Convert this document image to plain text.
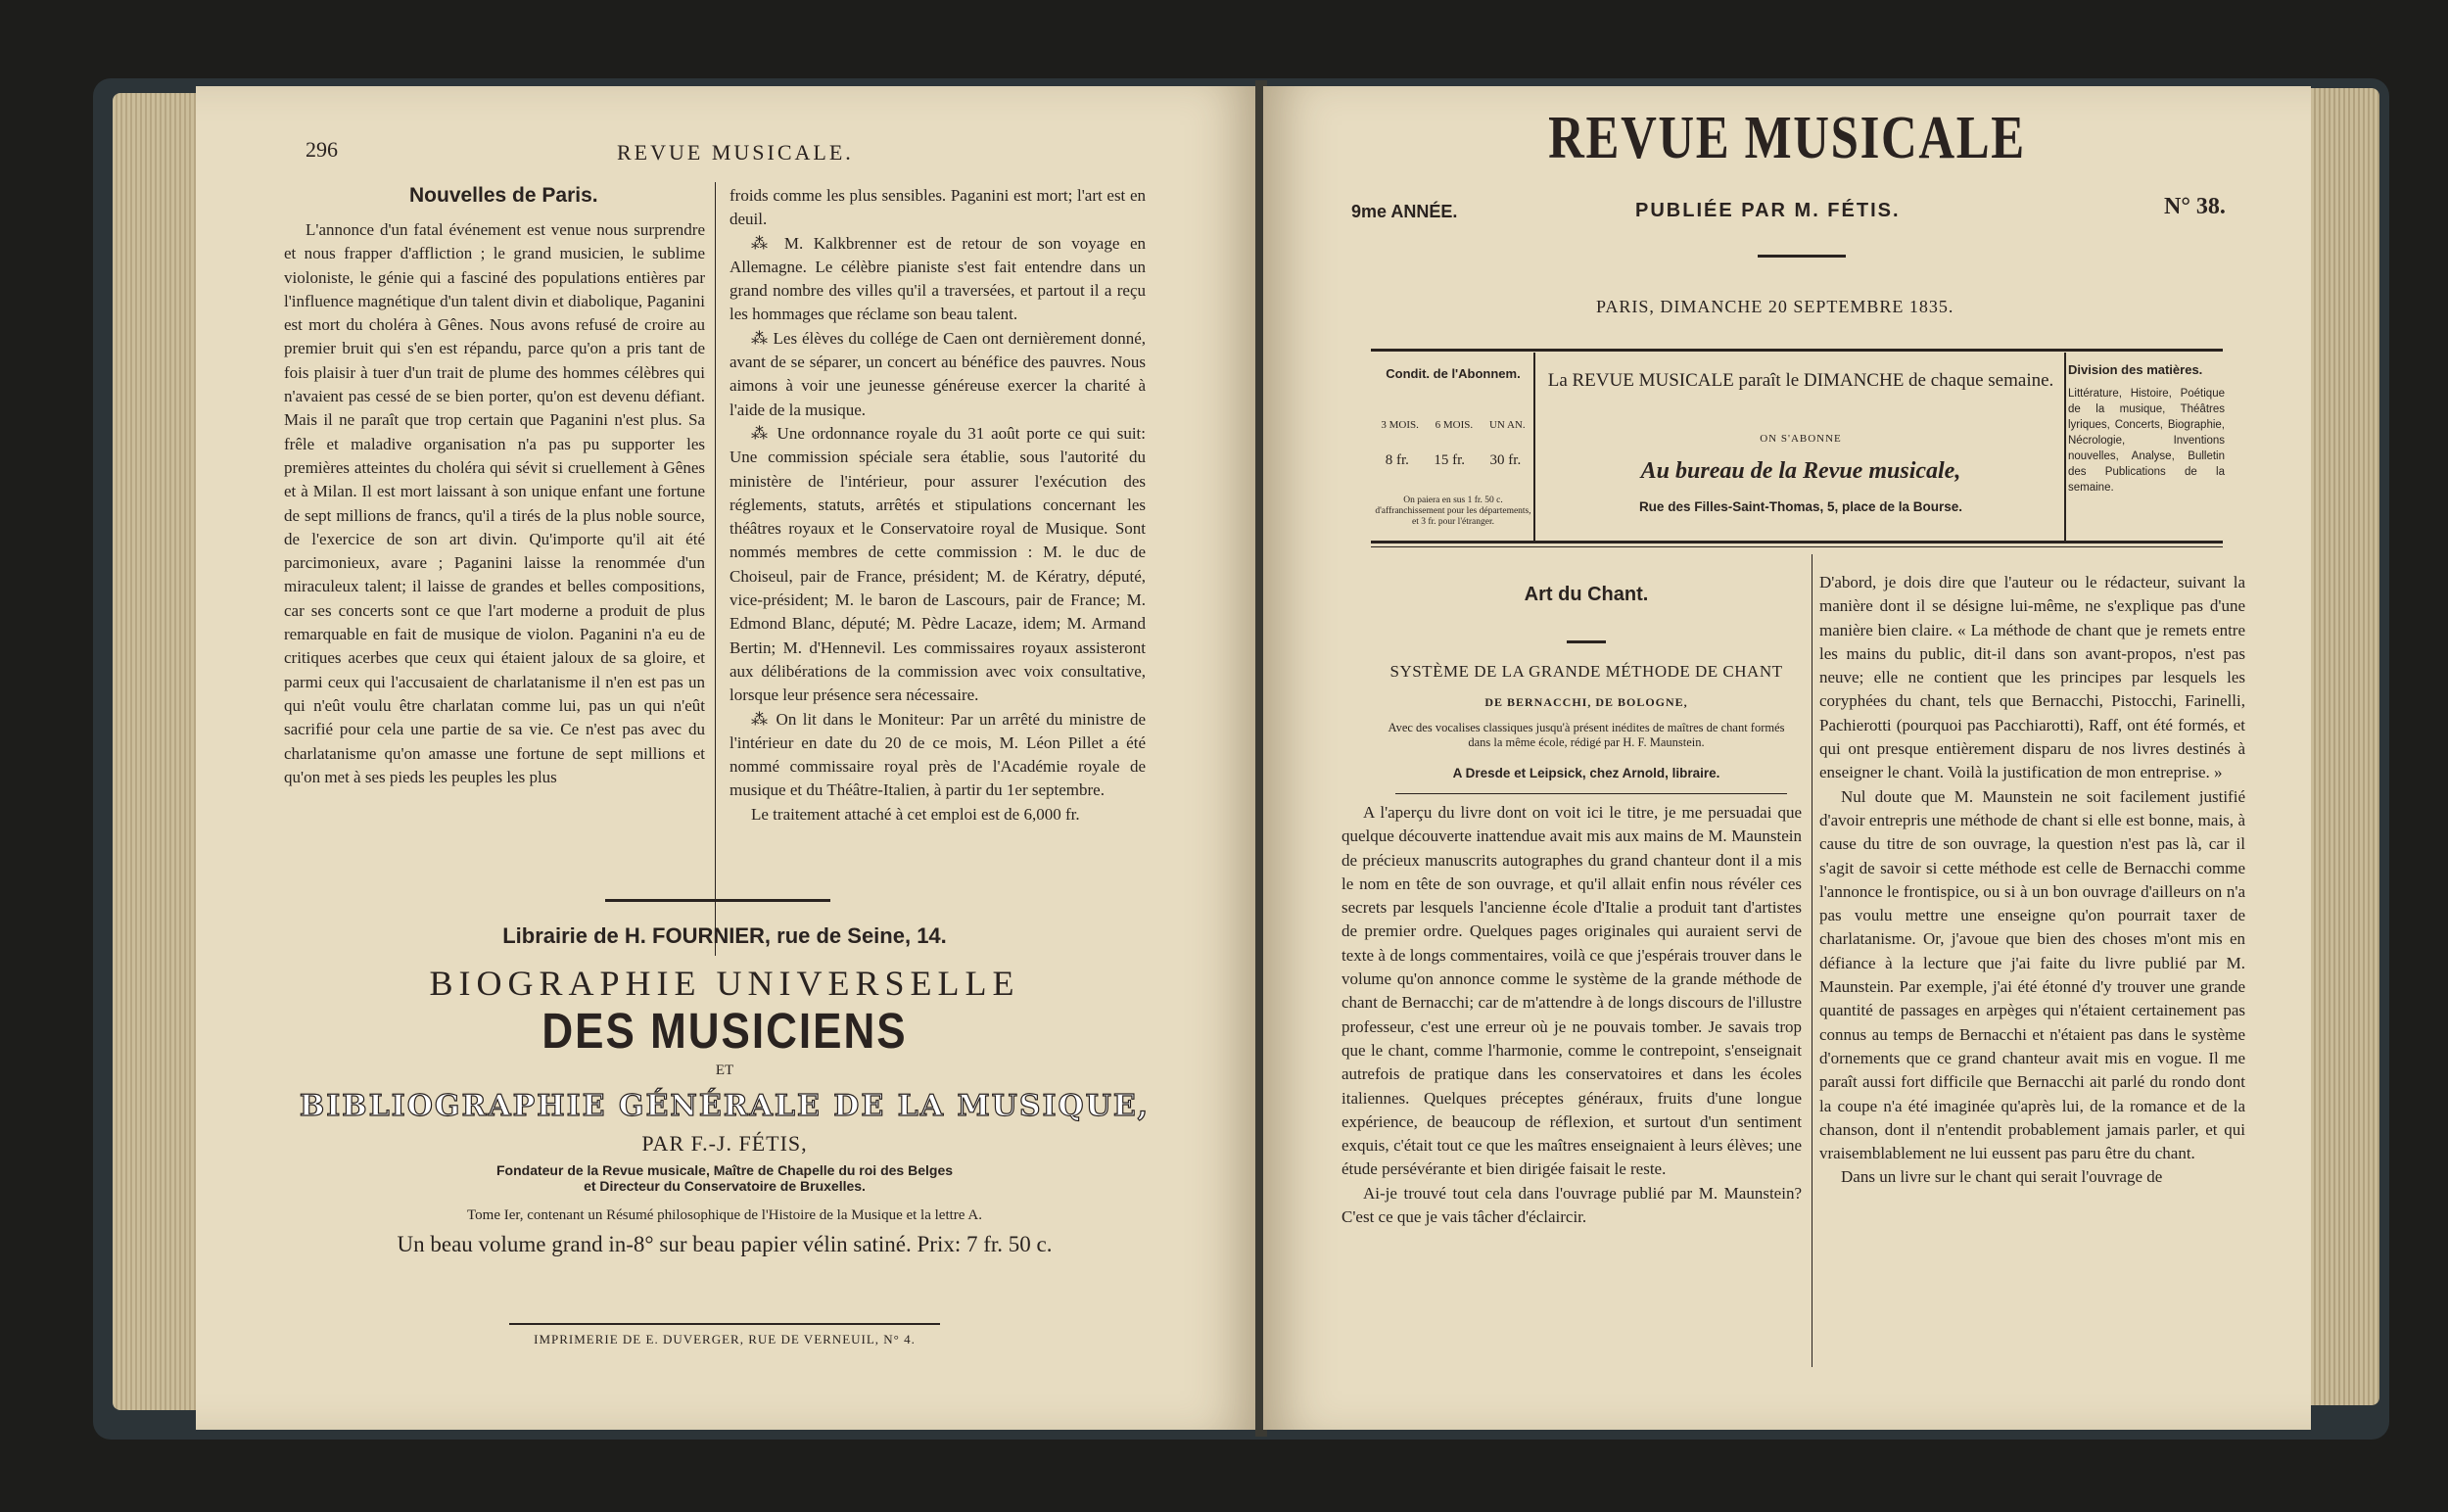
296	REVUE MUSICALE.
Nouvelles de Paris.

L'annonce d'un fatal événement est venue nous surprendre et nous frapper d'affliction ; le grand musicien, le sublime violoniste, le génie qui a fasciné des populations entières par l'influence magnétique d'un talent divin et diabolique, Paganini est mort du choléra à Gênes. Nous avons refusé de croire au premier bruit qui s'en est répandu, parce qu'on a pris tant de fois plaisir à tuer d'un trait de plume des hommes célèbres qui n'avaient pas cessé de se bien porter, qu'on est devenu défiant. Mais il ne paraît que trop certain que Paganini n'est plus. Sa frêle et maladive organisation n'a pas pu supporter les premières atteintes du choléra qui sévit si cruellement à Gênes et à Milan. Il est mort laissant à son unique enfant une fortune de sept millions de francs, qu'il a tirés de la plus noble source, de l'exercice de son art divin. Qu'importe qu'il ait été parcimonieux, avare ; Paganini laisse la renommée d'un miraculeux talent; il laisse de grandes et belles compositions, car ses concerts sont ce que l'art moderne a produit de plus remarquable en fait de musique de violon. Paganini n'a eu de critiques acerbes que ceux qui étaient jaloux de sa gloire, et parmi ceux qui l'accusaient de charlatanisme il n'en est pas un qui n'eût voulu être charlatan comme lui, pas un qui n'eût sacrifié pour cela une partie de sa vie. Ce n'est pas avec du charlatanisme qu'on amasse une fortune de sept millions et qu'on met à ses pieds les peuples les plus

froids comme les plus sensibles. Paganini est mort; l'art est en deuil.

⁂ M. Kalkbrenner est de retour de son voyage en Allemagne. Le célèbre pianiste s'est fait entendre dans un grand nombre des villes qu'il a traversées, et partout il a reçu les hommages que réclame son beau talent.

⁂ Les élèves du collége de Caen ont dernièrement donné, avant de se séparer, un concert au bénéfice des pauvres. Nous aimons à voir une jeunesse généreuse exercer la charité à l'aide de la musique.

⁂ Une ordonnance royale du 31 août porte ce qui suit: Une commission spéciale sera établie, sous l'autorité du ministère de l'intérieur, pour assurer l'exécution des réglements, statuts, arrêtés et stipulations concernant les théâtres royaux et le Conservatoire royal de Musique. Sont nommés membres de cette commission : M. le duc de Choiseul, pair de France, président; M. de Kératry, député, vice-président; M. le baron de Lascours, pair de France; M. Edmond Blanc, député; M. Pèdre Lacaze, idem; M. Armand Bertin; M. d'Hennevil. Les commissaires royaux assisteront aux délibérations de la commission avec voix consultative, lorsque leur présence sera nécessaire.

⁂ On lit dans le Moniteur: Par un arrêté du ministre de l'intérieur en date du 20 de ce mois, M. Léon Pillet a été nommé commissaire royal près de l'Académie royale de musique et du Théâtre-Italien, à partir du 1er septembre.

Le traitement attaché à cet emploi est de 6,000 fr.

Librairie de H. FOURNIER, rue de Seine, 14.
BIOGRAPHIE UNIVERSELLE
DES MUSICIENS
ET
BIBLIOGRAPHIE GÉNÉRALE DE LA MUSIQUE,
PAR F.-J. FÉTIS,
Fondateur de la Revue musicale, Maître de Chapelle du roi des Belges
et Directeur du Conservatoire de Bruxelles.
Tome Ier, contenant un Résumé philosophique de l'Histoire de la Musique et la lettre A.
Un beau volume grand in-8° sur beau papier vélin satiné. Prix: 7 fr. 50 c.
IMPRIMERIE DE E. DUVERGER, RUE DE VERNEUIL, N° 4.
REVUE MUSICALE
9me ANNÉE.	PUBLIÉE PAR M. FÉTIS.	N° 38.
PARIS, DIMANCHE 20 SEPTEMBRE 1835.
Condit. de l'Abonnem.
3 MOIS. 6 MOIS. UN AN.
8 fr. 15 fr. 30 fr.
On paiera en sus 1 fr. 50 c. d'affranchissement pour les départements, et 3 fr. pour l'étranger.
La REVUE MUSICALE paraît le DIMANCHE de chaque semaine.
ON S'ABONNE
Au bureau de la Revue musicale,
Rue des Filles-Saint-Thomas, 5, place de la Bourse.
Division des matières.
Littérature, Histoire, Poétique de la musique, Théâtres lyriques, Concerts, Biographie, Nécrologie, Inventions nouvelles, Analyse, Bulletin des Publications de la semaine.
Art du Chant.
SYSTÈME DE LA GRANDE MÉTHODE DE CHANT
DE BERNACCHI, DE BOLOGNE,
Avec des vocalises classiques jusqu'à présent inédites de maîtres de chant formés dans la même école, rédigé par H. F. Maunstein.
A Dresde et Leipsick, chez Arnold, libraire.

A l'aperçu du livre dont on voit ici le titre, je me persuadai que quelque découverte inattendue avait mis aux mains de M. Maunstein de précieux manuscrits autographes du grand chanteur dont il a mis le nom en tête de son ouvrage, et qu'il allait enfin nous révéler ces secrets par lesquels l'ancienne école d'Italie a produit tant d'artistes de premier ordre. Quelques pages originales qui auraient servi de texte à de longs commentaires, voilà ce que j'espérais trouver dans le volume qu'on annonce comme le système de la grande méthode de chant de Bernacchi; car de m'attendre à de longs discours de l'illustre professeur, c'est une erreur où je ne pouvais tomber. Je savais trop que le chant, comme l'harmonie, comme le contrepoint, s'enseignait autrefois de pratique dans les conservatoires et dans les écoles italiennes. Quelques préceptes généraux, fruits d'une longue expérience, de beaucoup de réflexion, et surtout d'un sentiment exquis, c'était tout ce que les maîtres enseignaient à leurs élèves; une étude persévérante et bien dirigée faisait le reste.

Ai-je trouvé tout cela dans l'ouvrage publié par M. Maunstein? C'est ce que je vais tâcher d'éclaircir.

D'abord, je dois dire que l'auteur ou le rédacteur, suivant la manière dont il se désigne lui-même, ne s'explique pas d'une manière bien claire. « La méthode de chant que je remets entre les mains du public, dit-il dans son avant-propos, n'est pas neuve; elle ne contient que les principes par lesquels les coryphées du chant, tels que Bernacchi, Pistocchi, Farinelli, Pachierotti (pourquoi pas Pacchiarotti), Raff, ont été formés, et qui ont presque entièrement disparu de nos livres destinés à enseigner le chant. Voilà la justification de mon entreprise. »

Nul doute que M. Maunstein ne soit facilement justifié d'avoir entrepris une méthode de chant si elle est bonne, mais, à cause du titre de son ouvrage, la question n'est pas là, car il s'agit de savoir si cette méthode est celle de Bernacchi comme l'annonce le frontispice, ou si à un bon ouvrage d'ailleurs on n'a pas voulu mettre une enseigne qu'on pourrait taxer de charlatanisme. Or, j'avoue que bien des choses m'ont mis en défiance à la lecture que j'ai faite du livre publié par M. Maunstein. Par exemple, j'ai été étonné d'y trouver une grande quantité de passages en arpèges qui n'étaient certainement pas connus au temps de Bernacchi et n'étaient pas dans le système d'ornements que ce grand chanteur avait mis en vogue. Il me paraît aussi fort difficile que Bernacchi ait parlé du rondo dont la coupe n'a été imaginée qu'après lui, de la romance et de la chanson, dont il n'entendit probablement jamais parler, et qui vraisemblablement ne lui eussent pas paru être du chant.

Dans un livre sur le chant qui serait l'ouvrage de
